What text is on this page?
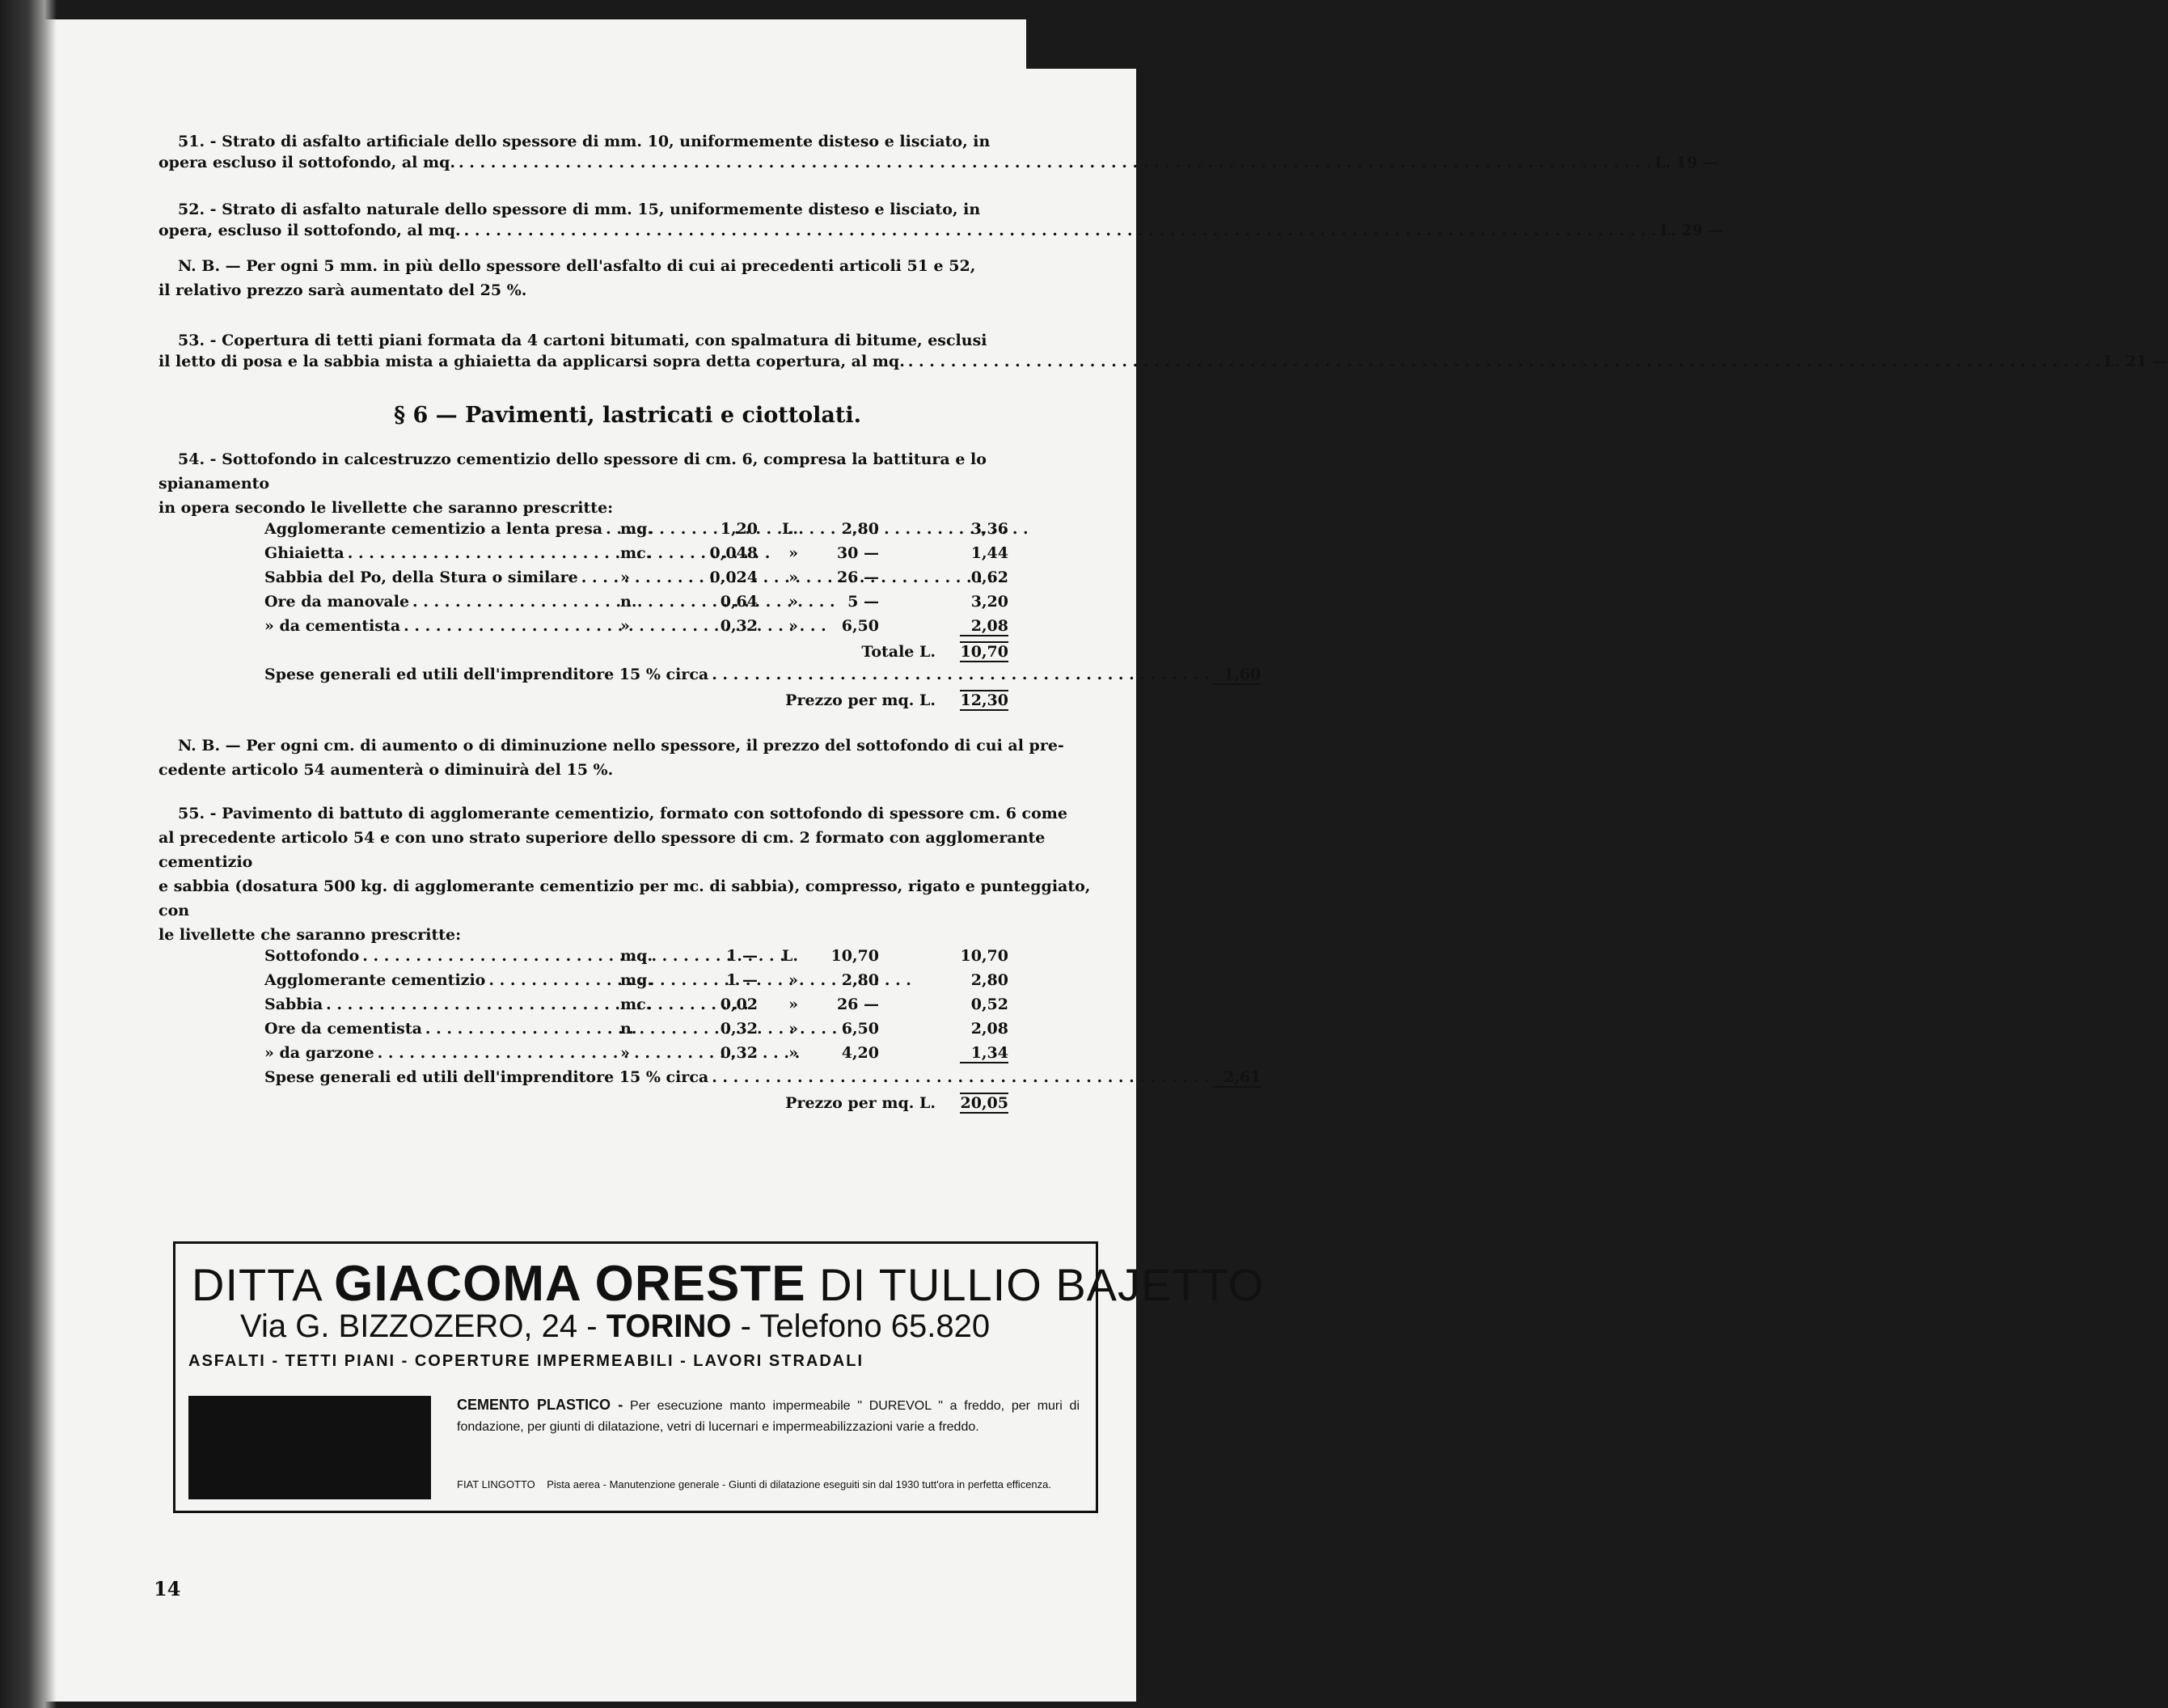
51. - Strato di asfalto artificiale dello spessore di mm. 10, uniformemente disteso e lisciato, in

opera escluso il sottofondo, al mq. . . .	L. 19 —

52. - Strato di asfalto naturale dello spessore di mm. 15, uniformemente disteso e lisciato, in

opera, escluso il sottofondo, al mq. . . .	L. 29 —

N. B. — Per ogni 5 mm. in più dello spessore dell'asfalto di cui ai precedenti articoli 51 e 52,

il relativo prezzo sarà aumentato del 25 %.

53. - Copertura di tetti piani formata da 4 cartoni bitumati, con spalmatura di bitume, esclusi

il letto di posa e la sabbia mista a ghiaietta da applicarsi sopra detta copertura, al mq. . . .	L. 21 —
§ 6 — Pavimenti, lastricati e ciottolati.

54. - Sottofondo in calcestruzzo cementizio dello spessore di cm. 6, compresa la battitura e lo spianamento

in opera secondo le livellette che saranno prescritte:

Agglomerante cementizio a lenta presa . . . mg.	1,20	L.	2,80	3,36
Ghiaietta . . .	mc.	0,048	»	30 —	1,44
Sabbia del Po, della Stura o similare . . .	»	0,024	»	26 —	0,62
Ore da manovale . . .	n.	0,64	»	5 —	3,20
» da cementista . . .	»	0,32	»	6,50	2,08
Totale L.	10,70
Spese generali ed utili dell'imprenditore 15 % circa . . .	1,60
Prezzo per mq. L.	12,30

N. B. — Per ogni cm. di aumento o di diminuzione nello spessore, il prezzo del sottofondo di cui al pre-

cedente articolo 54 aumenterà o diminuirà del 15 %.

55. - Pavimento di battuto di agglomerante cementizio, formato con sottofondo di spessore cm. 6 come

al precedente articolo 54 e con uno strato superiore dello spessore di cm. 2 formato con agglomerante cementizio

e sabbia (dosatura 500 kg. di agglomerante cementizio per mc. di sabbia), compresso, rigato e punteggiato, con

le livellette che saranno prescritte:

Sottofondo . . .	mq.	1 —	L.	10,70	10,70
Agglomerante cementizio . . .	mg.	1 —	»	2,80	2,80
Sabbia . . .	mc.	0,02	»	26 —	0,52
Ore da cementista . . .	n.	0,32	»	6,50	2,08
» da garzone . . .	»	0,32	»	4,20	1,34
Spese generali ed utili dell'imprenditore 15 % circa . . .	2,61
Prezzo per mq. L.	20,05
DITTA GIACOMA ORESTE DI TULLIO BAJETTO
Via G. BIZZOZERO, 24 - TORINO - Telefono 65.820
ASFALTI - TETTI PIANI - COPERTURE IMPERMEABILI - LAVORI STRADALI
CEMENTO PLASTICO - Per esecuzione manto impermeabile " DUREVOL " a freddo, per muri di fondazione, per giunti di dilatazione, vetri di lucernari e impermeabilizzazioni varie a freddo.
FIAT LINGOTTO Pista aerea - Manutenzione generale - Giunti di dilatazione eseguiti sin dal 1930 tutt'ora in perfetta efficenza.
14
